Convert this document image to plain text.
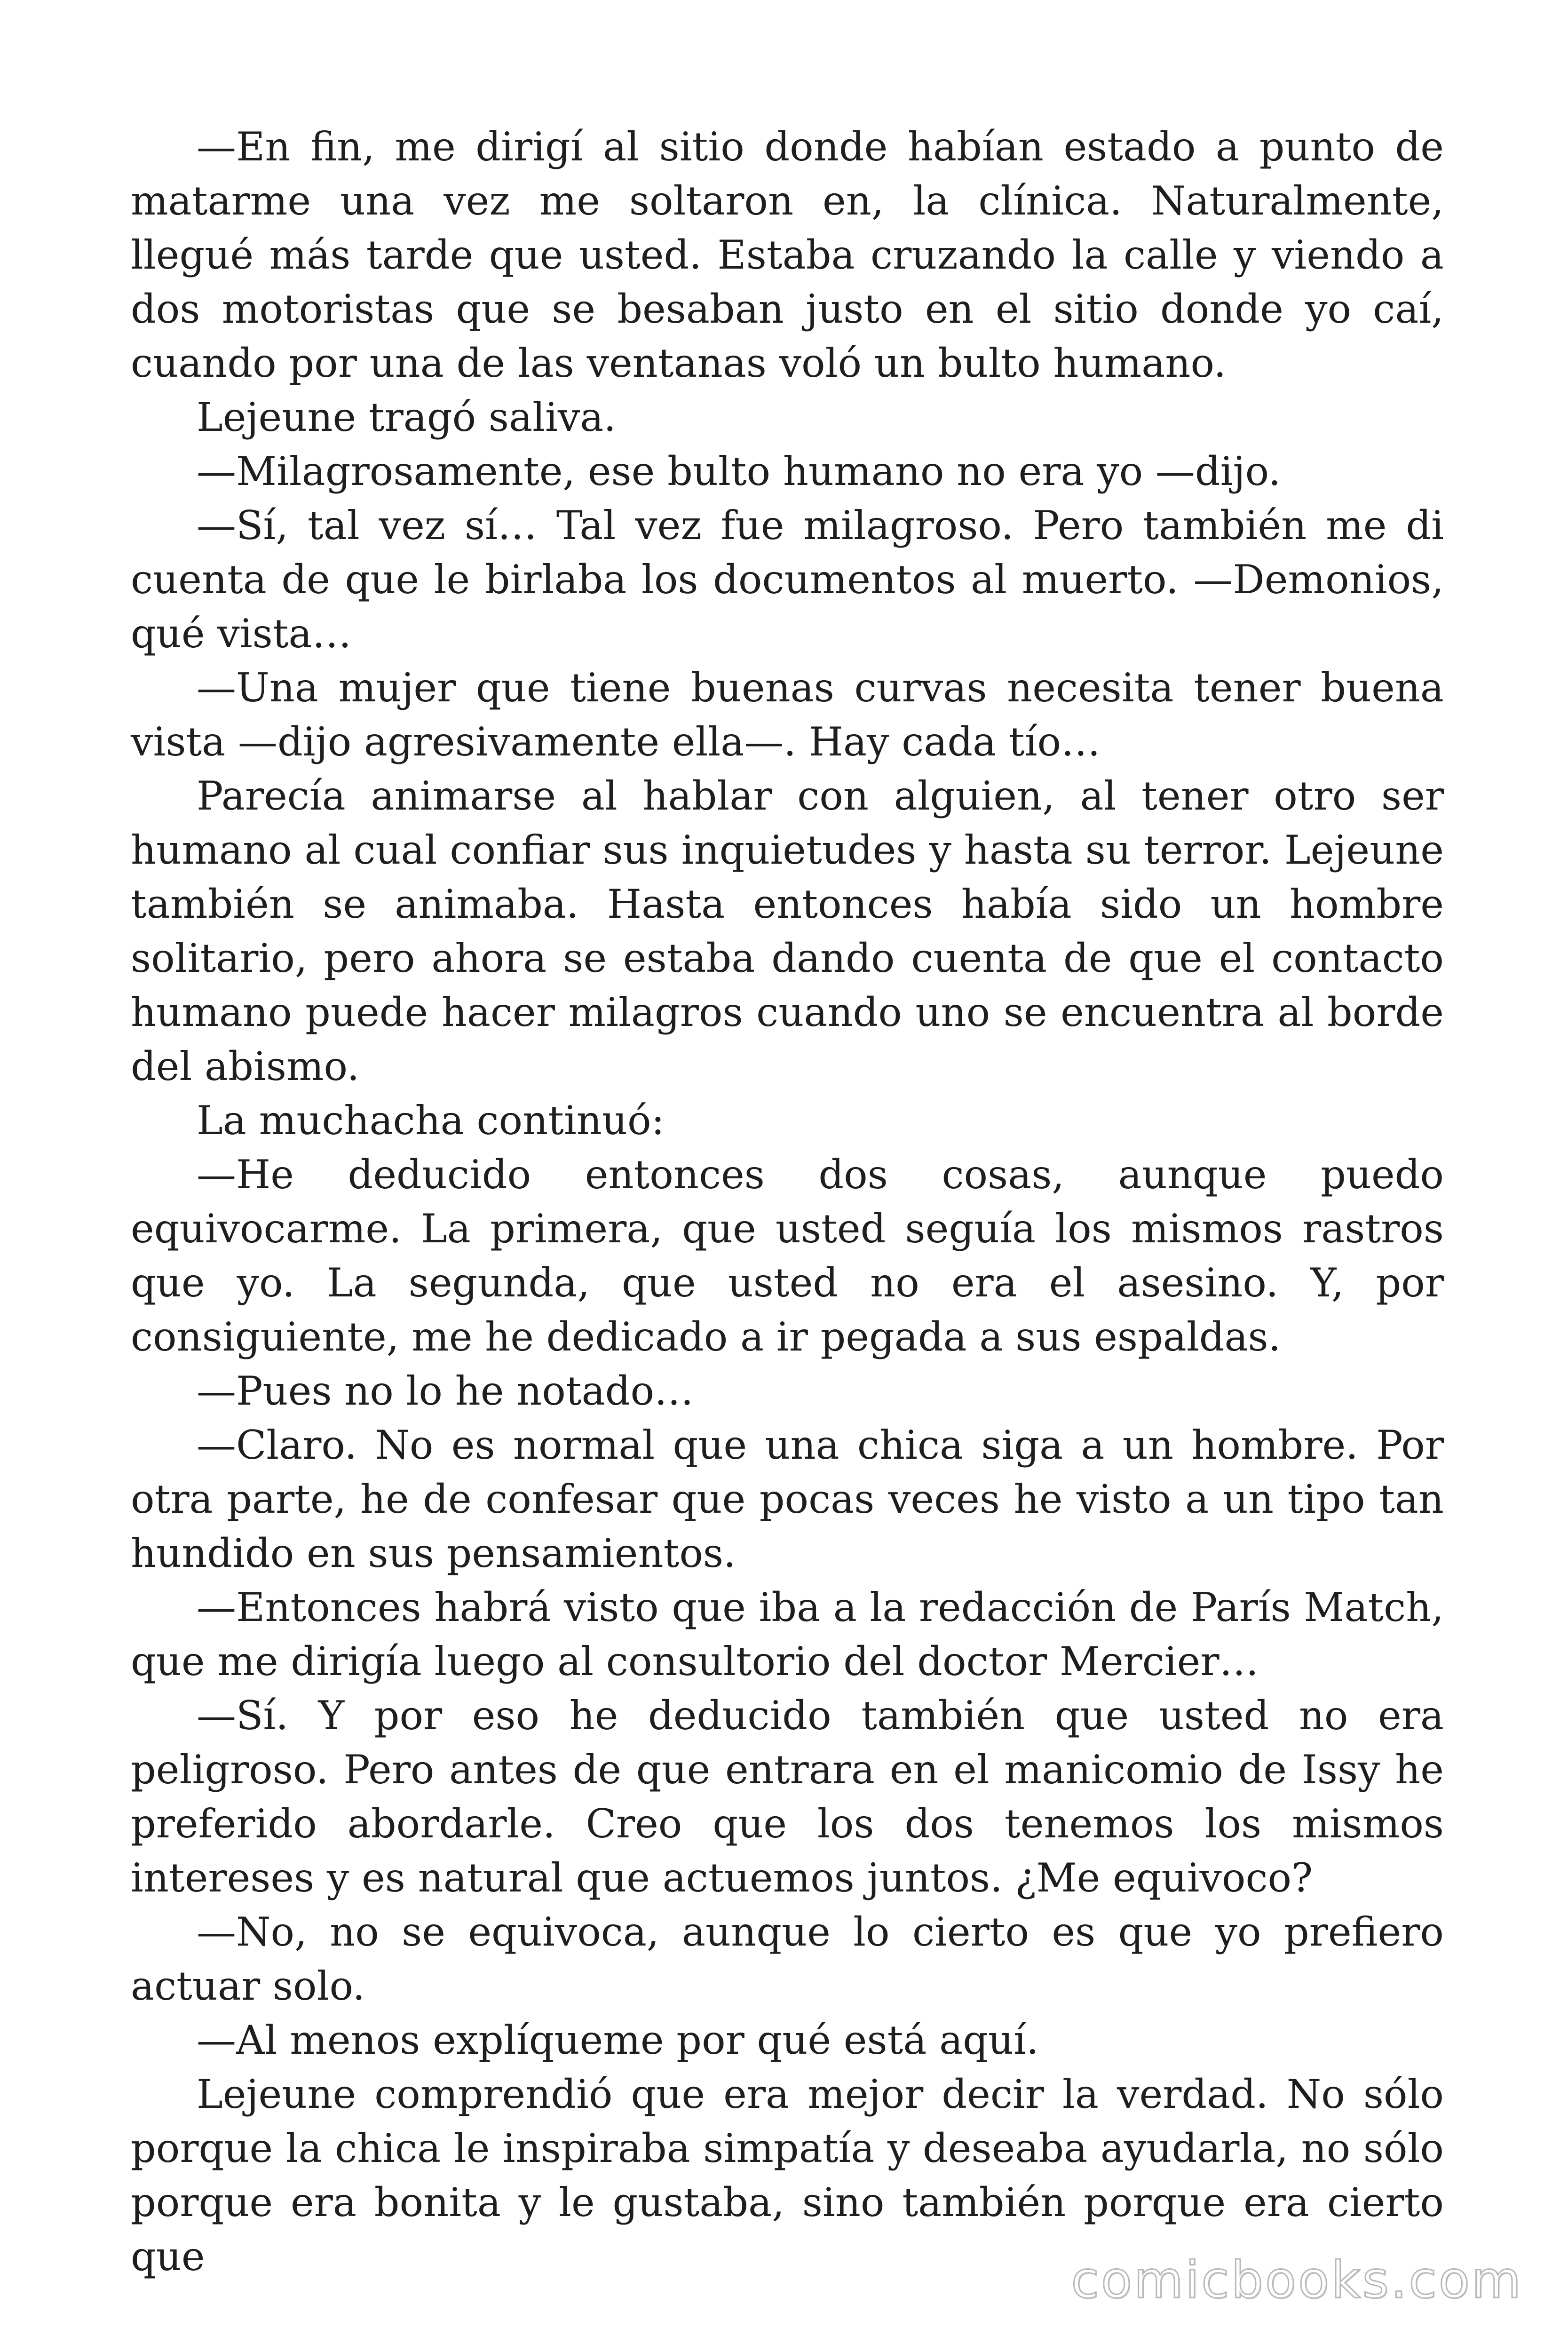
—En fin, me dirigí al sitio donde habían estado a punto de matarme una vez me soltaron en, la clínica. Naturalmente, llegué más tarde que usted. Estaba cruzando la calle y viendo a dos motoristas que se besaban justo en el sitio donde yo caí, cuando por una de las ventanas voló un bulto humano.

Lejeune tragó saliva.

—Milagrosamente, ese bulto humano no era yo —dijo.

—Sí, tal vez sí… Tal vez fue milagroso. Pero también me di cuenta de que le birlaba los documentos al muerto. —Demonios, qué vista…

—Una mujer que tiene buenas curvas necesita tener buena vista —dijo agresivamente ella—. Hay cada tío…

Parecía animarse al hablar con alguien, al tener otro ser humano al cual confiar sus inquietudes y hasta su terror. Lejeune también se animaba. Hasta entonces había sido un hombre solitario, pero ahora se estaba dando cuenta de que el contacto humano puede hacer milagros cuando uno se encuentra al borde del abismo.

La muchacha continuó:

—He deducido entonces dos cosas, aunque puedo equivocarme. La primera, que usted seguía los mismos rastros que yo. La segunda, que usted no era el asesino. Y, por consiguiente, me he dedicado a ir pegada a sus espaldas.

—Pues no lo he notado…

—Claro. No es normal que una chica siga a un hombre. Por otra parte, he de confesar que pocas veces he visto a un tipo tan hundido en sus pensamientos.

—Entonces habrá visto que iba a la redacción de París Match, que me dirigía luego al consultorio del doctor Mercier…

—Sí. Y por eso he deducido también que usted no era peligroso. Pero antes de que entrara en el manicomio de Issy he preferido abordarle. Creo que los dos tenemos los mismos intereses y es natural que actuemos juntos. ¿Me equivoco?

—No, no se equivoca, aunque lo cierto es que yo prefiero actuar solo.

—Al menos explíqueme por qué está aquí.

Lejeune comprendió que era mejor decir la verdad. No sólo porque la chica le inspiraba simpatía y deseaba ayudarla, no sólo porque era bonita y le gustaba, sino también porque era cierto que	comicbooks.com
